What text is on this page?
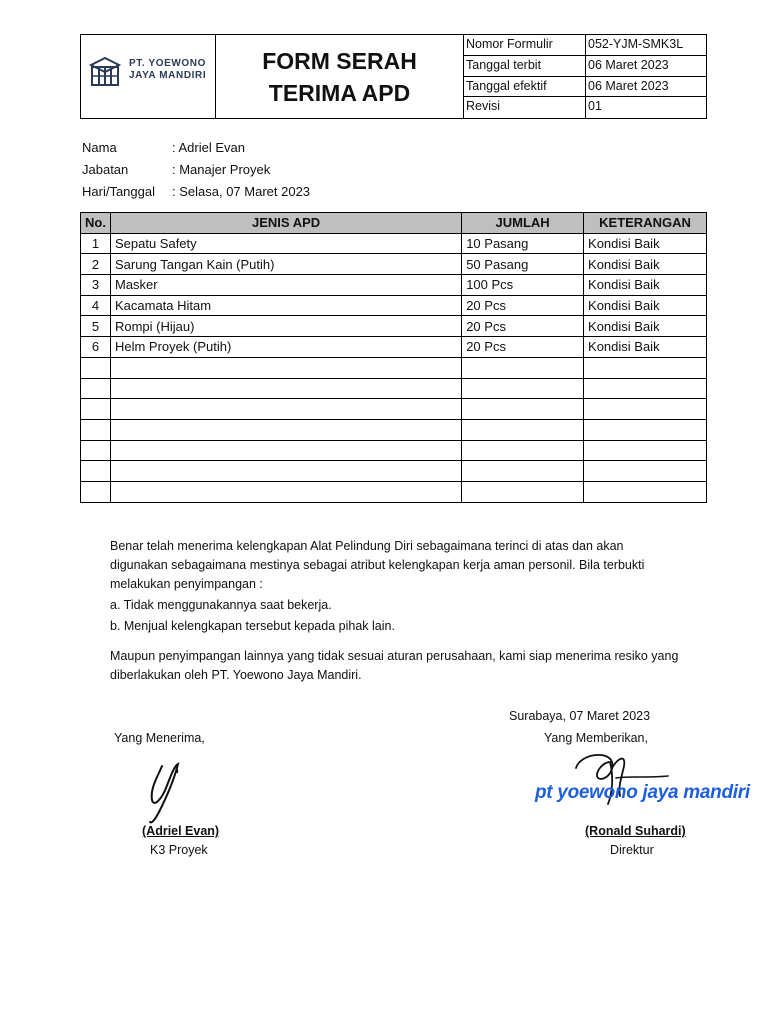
PT. YOEWONO
JAYA MANDIRI
FORM SERAH
TERIMA APD
Nomor Formulir	052-YJM-SMK3L
Tanggal terbit	06 Maret 2023
Tanggal efektif	06 Maret 2023
Revisi	01
Nama	: Adriel Evan
Jabatan	: Manajer Proyek
Hari/Tanggal : Selasa, 07 Maret 2023
No.	JENIS APD	JUMLAH	KETERANGAN
1	Sepatu Safety	10 Pasang	Kondisi Baik
2	Sarung Tangan Kain (Putih)	50 Pasang	Kondisi Baik
3	Masker	100 Pcs	Kondisi Baik
4	Kacamata Hitam	20 Pcs	Kondisi Baik
5	Rompi (Hijau)	20 Pcs	Kondisi Baik
6	Helm Proyek (Putih)	20 Pcs	Kondisi Baik

Benar telah menerima kelengkapan Alat Pelindung Diri sebagaimana terinci di atas dan akan
digunakan sebagaimana mestinya sebagai atribut kelengkapan kerja aman personil. Bila terbukti
melakukan penyimpangan :
a. Tidak menggunakannya saat bekerja.
b. Menjual kelengkapan tersebut kepada pihak lain.
Maupun penyimpangan lainnya yang tidak sesuai aturan perusahaan, kami siap menerima resiko yang
diberlakukan oleh PT. Yoewono Jaya Mandiri.
Surabaya, 07 Maret 2023
Yang Menerima,	Yang Memberikan,
pt yoewono jaya mandiri
(Adriel Evan)
K3 Proyek
(Ronald Suhardi)
Direktur
